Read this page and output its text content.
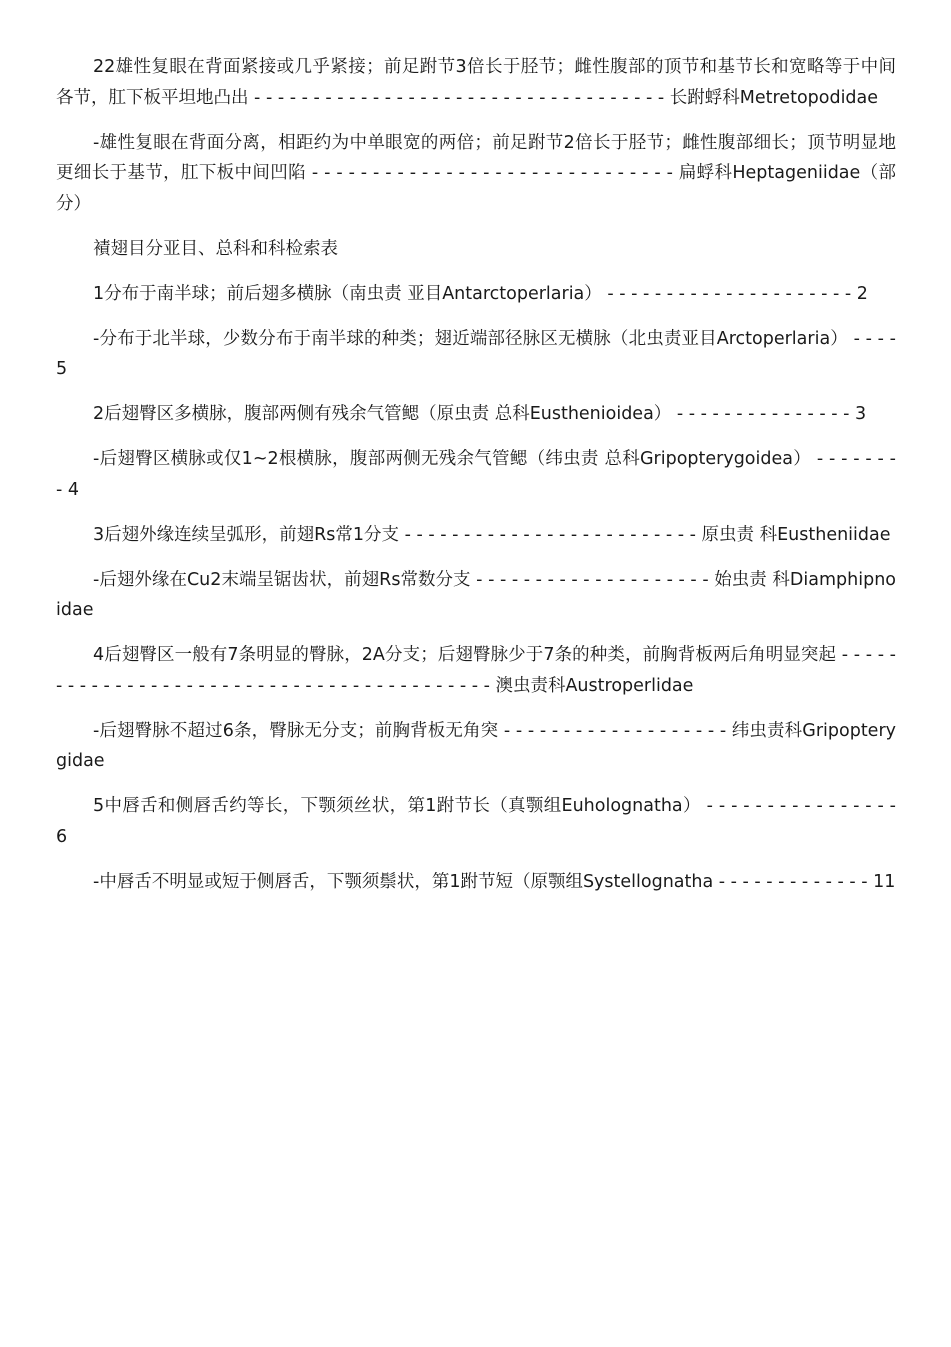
22雄性复眼在背面紧接或几乎紧接；前足跗节3倍长于胫节；雌性腹部的顶节和基节长和宽略等于中间各节，肛下板平坦地凸出 - - - - - - - - - - - - - - - - - - - - - - - - - - - - - - - - - - - 长跗蜉科Metretopodidae

-雄性复眼在背面分离，相距约为中单眼宽的两倍；前足跗节2倍长于胫节；雌性腹部细长；顶节明显地更细长于基节，肛下板中间凹陷 - - - - - - - - - - - - - - - - - - - - - - - - - - - - - - 扁蜉科Heptageniidae（部分）

襀翅目分亚目、总科和科检索表

1分布于南半球；前后翅多横脉（南虫责 亚目Antarctoperlaria） - - - - - - - - - - - - - - - - - - - - - 2

-分布于北半球，少数分布于南半球的种类；翅近端部径脉区无横脉（北虫责亚目Arctoperlaria） - - - - 5

2后翅臀区多横脉，腹部两侧有残余气管鳃（原虫责 总科Eusthenioidea） - - - - - - - - - - - - - - - 3

-后翅臀区横脉或仅1~2根横脉，腹部两侧无残余气管鳃（纬虫责 总科Gripopterygoidea） - - - - - - - - 4

3后翅外缘连续呈弧形，前翅Rs常1分支 - - - - - - - - - - - - - - - - - - - - - - - - - 原虫责 科Eustheniidae

-后翅外缘在Cu2末端呈锯齿状，前翅Rs常数分支 - - - - - - - - - - - - - - - - - - - - 始虫责 科Diamphipnoidae

4后翅臀区一般有7条明显的臀脉，2A分支；后翅臀脉少于7条的种类，前胸背板两后角明显突起 - - - - - - - - - - - - - - - - - - - - - - - - - - - - - - - - - - - - - - - - - - 澳虫责科Austroperlidae

-后翅臀脉不超过6条，臀脉无分支；前胸背板无角突 - - - - - - - - - - - - - - - - - - - 纬虫责科Gripopterygidae

5中唇舌和侧唇舌约等长，下颚须丝状，第1跗节长（真颚组Euholognatha） - - - - - - - - - - - - - - - - 6

-中唇舌不明显或短于侧唇舌，下颚须鬃状，第1跗节短（原颚组Systellognatha - - - - - - - - - - - - - 11
